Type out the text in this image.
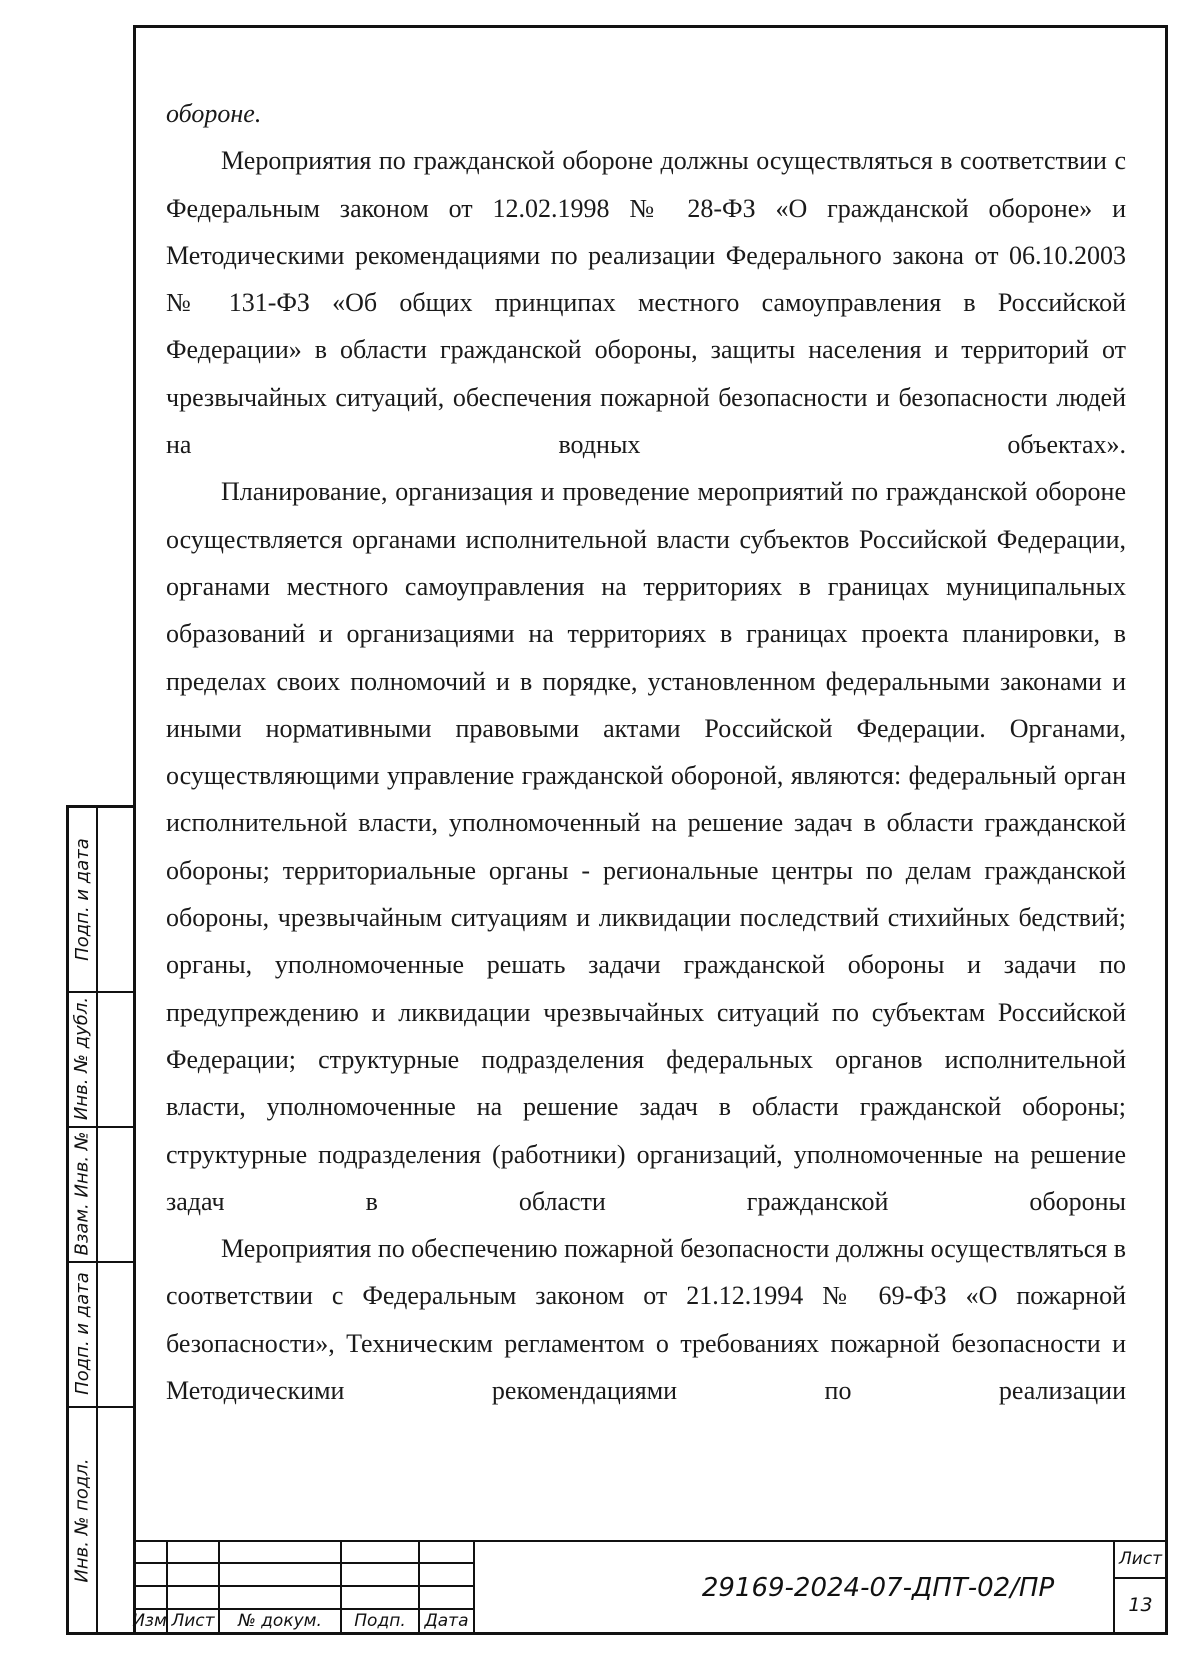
обороне.

Мероприятия по гражданской обороне должны осуществляться в соответствии с Федеральным законом от 12.02.1998 № 28-ФЗ «О гражданской обороне» и Методическими рекомендациями по реализации Федерального закона от 06.10.2003 № 131-ФЗ «Об общих принципах местного самоуправления в Российской Федерации» в области гражданской обороны, защиты населения и территорий от чрезвычайных ситуаций, обеспечения пожарной безопасности и безопасности людей на водных объектах».

Планирование, организация и проведение мероприятий по гражданской обороне осуществляется органами исполнительной власти субъектов Российской Федерации, органами местного самоуправления на территориях в границах муниципальных образований и организациями на территориях в границах проекта планировки, в пределах своих полномочий и в порядке, установленном федеральными законами и иными нормативными правовыми актами Российской Федерации. Органами, осуществляющими управление гражданской обороной, являются: федеральный орган исполнительной власти, уполномоченный на решение задач в области гражданской обороны; территориальные органы - региональные центры по делам гражданской обороны, чрезвычайным ситуациям и ликвидации последствий стихийных бедствий; органы, уполномоченные решать задачи гражданской обороны и задачи по предупреждению и ликвидации чрезвычайных ситуаций по субъектам Российской Федерации; структурные подразделения федеральных органов исполнительной власти, уполномоченные на решение задач в области гражданской обороны; структурные подразделения (работники) организаций, уполномоченные на решение задач в области гражданской обороны

Мероприятия по обеспечению пожарной безопасности должны осуществляться в соответствии с Федеральным законом от 21.12.1994 № 69-ФЗ «О пожарной безопасности», Техническим регламентом о требованиях пожарной безопасности и Методическими рекомендациями по реализации

Подп. и дата
Инв. № дубл.
Взам. Инв. №
Подп. и дата
Инв. № подл.
Изм Лист	№ докум.	Подп.	Дата
29169-2024-07-ДПТ-02/ПР
Лист
13
